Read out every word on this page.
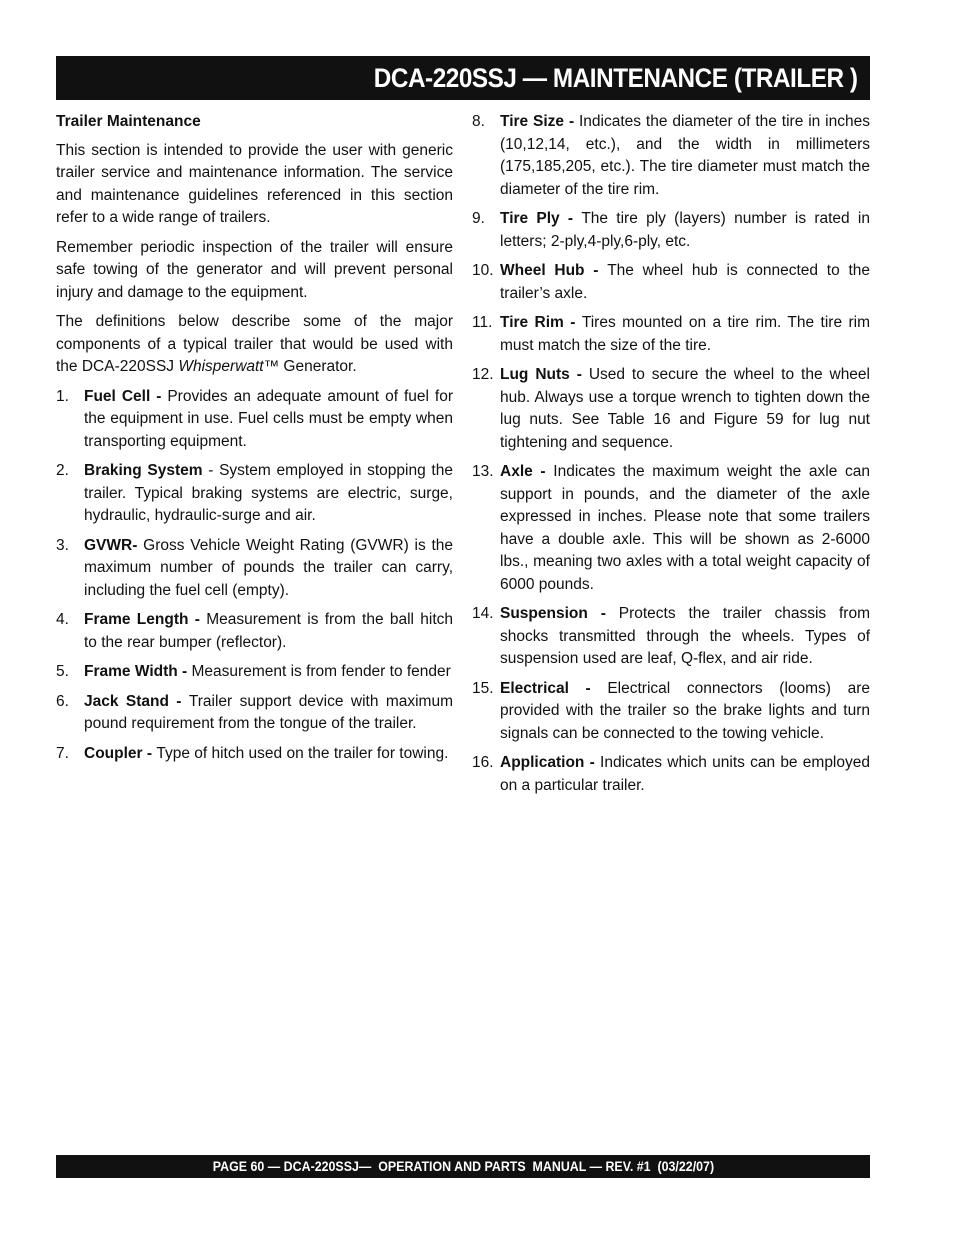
DCA-220SSJ — MAINTENANCE (TRAILER )

Trailer Maintenance

This section is intended to provide the user with generic trailer service and maintenance information. The service and maintenance guidelines referenced in this section refer to a wide range of trailers.

Remember periodic inspection of the trailer will ensure safe towing of the generator and will prevent personal injury and damage to the equipment.

The definitions below describe some of the major components of a typical trailer that would be used with the DCA-220SSJ Whisperwatt™ Generator.

1. Fuel Cell - Provides an adequate amount of fuel for the equipment in use. Fuel cells must be empty when transporting equipment.
2. Braking System - System employed in stopping the trailer. Typical braking systems are electric, surge, hydraulic, hydraulic-surge and air.
3. GVWR- Gross Vehicle Weight Rating (GVWR) is the maximum number of pounds the trailer can carry, including the fuel cell (empty).
4. Frame Length - Measurement is from the ball hitch to the rear bumper (reflector).
5. Frame Width - Measurement is from fender to fender
6. Jack Stand - Trailer support device with maximum pound requirement from the tongue of the trailer.
7. Coupler - Type of hitch used on the trailer for towing.
8. Tire Size - Indicates the diameter of the tire in inches (10,12,14, etc.), and the width in millimeters (175,185,205, etc.). The tire diameter must match the diameter of the tire rim.
9. Tire Ply - The tire ply (layers) number is rated in letters; 2-ply,4-ply,6-ply, etc.
10. Wheel Hub - The wheel hub is connected to the trailer’s axle.
11. Tire Rim - Tires mounted on a tire rim. The tire rim must match the size of the tire.
12. Lug Nuts - Used to secure the wheel to the wheel hub. Always use a torque wrench to tighten down the lug nuts. See Table 16 and Figure 59 for lug nut tightening and sequence.
13. Axle - Indicates the maximum weight the axle can support in pounds, and the diameter of the axle expressed in inches. Please note that some trailers have a double axle. This will be shown as 2-6000 lbs., meaning two axles with a total weight capacity of 6000 pounds.
14. Suspension - Protects the trailer chassis from shocks transmitted through the wheels. Types of suspension used are leaf, Q-flex, and air ride.
15. Electrical - Electrical connectors (looms) are provided with the trailer so the brake lights and turn signals can be connected to the towing vehicle.
16. Application - Indicates which units can be employed on a particular trailer.
PAGE 60 — DCA-220SSJ—  OPERATION AND PARTS  MANUAL — REV. #1  (03/22/07)
